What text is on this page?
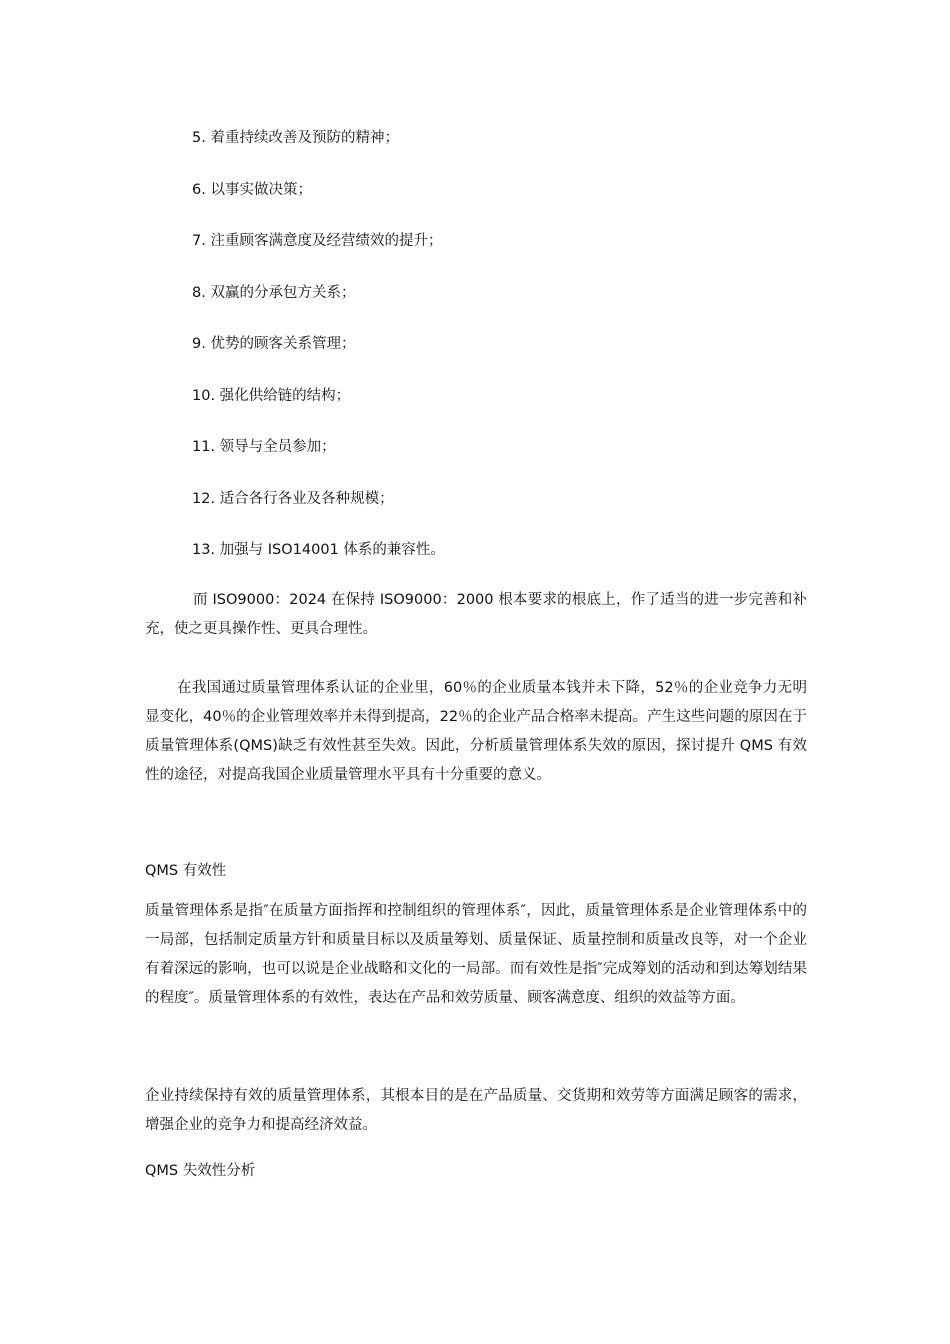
5. 着重持续改善及预防的精神；
6. 以事实做决策；
7. 注重顾客满意度及经营绩效的提升；
8. 双赢的分承包方关系；
9. 优势的顾客关系管理；
10. 强化供给链的结构；
11. 领导与全员参加；
12. 适合各行各业及各种规模；
13. 加强与 ISO14001 体系的兼容性。

而 ISO9000：2024 在保持 ISO9000：2000 根本要求的根底上，作了适当的进一步完善和补充，使之更具操作性、更具合理性。

在我国通过质量管理体系认证的企业里，60％的企业质量本钱并未下降，52％的企业竞争力无明显变化，40％的企业管理效率并未得到提高，22％的企业产品合格率未提高。产生这些问题的原因在于质量管理体系(QMS)缺乏有效性甚至失效。因此，分析质量管理体系失效的原因，探讨提升 QMS 有效性的途径，对提高我国企业质量管理水平具有十分重要的意义。

QMS 有效性

质量管理体系是指″在质量方面指挥和控制组织的管理体系″，因此，质量管理体系是企业管理体系中的一局部，包括制定质量方针和质量目标以及质量筹划、质量保证、质量控制和质量改良等，对一个企业有着深远的影响，也可以说是企业战略和文化的一局部。而有效性是指″完成筹划的活动和到达筹划结果的程度″。质量管理体系的有效性，表达在产品和效劳质量、顾客满意度、组织的效益等方面。

企业持续保持有效的质量管理体系，其根本目的是在产品质量、交货期和效劳等方面满足顾客的需求，增强企业的竞争力和提高经济效益。

QMS 失效性分析
